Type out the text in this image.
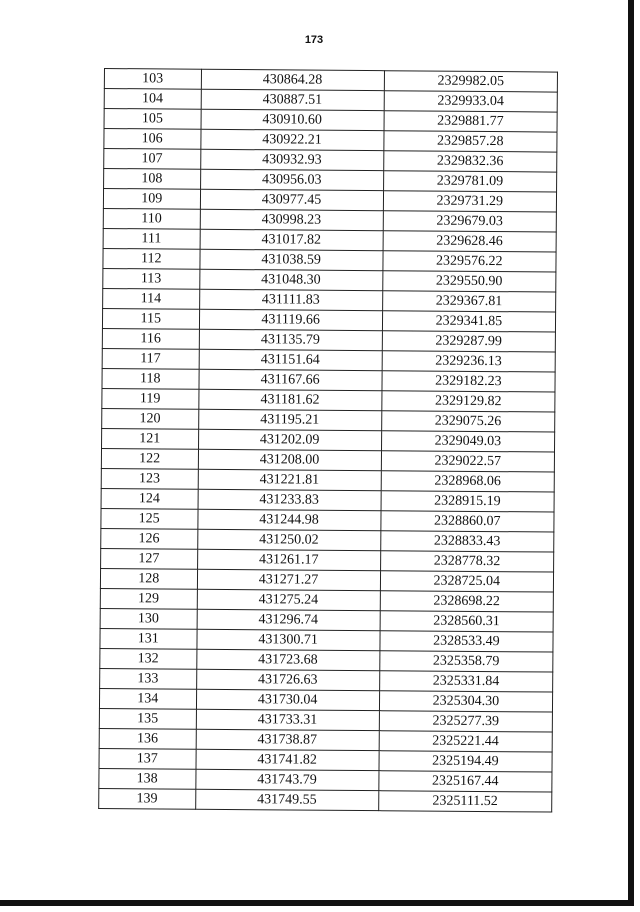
173
103	430864.28	2329982.05
104	430887.51	2329933.04
105	430910.60	2329881.77
106	430922.21	2329857.28
107	430932.93	2329832.36
108	430956.03	2329781.09
109	430977.45	2329731.29
110	430998.23	2329679.03
111	431017.82	2329628.46
112	431038.59	2329576.22
113	431048.30	2329550.90
114	431111.83	2329367.81
115	431119.66	2329341.85
116	431135.79	2329287.99
117	431151.64	2329236.13
118	431167.66	2329182.23
119	431181.62	2329129.82
120	431195.21	2329075.26
121	431202.09	2329049.03
122	431208.00	2329022.57
123	431221.81	2328968.06
124	431233.83	2328915.19
125	431244.98	2328860.07
126	431250.02	2328833.43
127	431261.17	2328778.32
128	431271.27	2328725.04
129	431275.24	2328698.22
130	431296.74	2328560.31
131	431300.71	2328533.49
132	431723.68	2325358.79
133	431726.63	2325331.84
134	431730.04	2325304.30
135	431733.31	2325277.39
136	431738.87	2325221.44
137	431741.82	2325194.49
138	431743.79	2325167.44
139	431749.55	2325111.52
